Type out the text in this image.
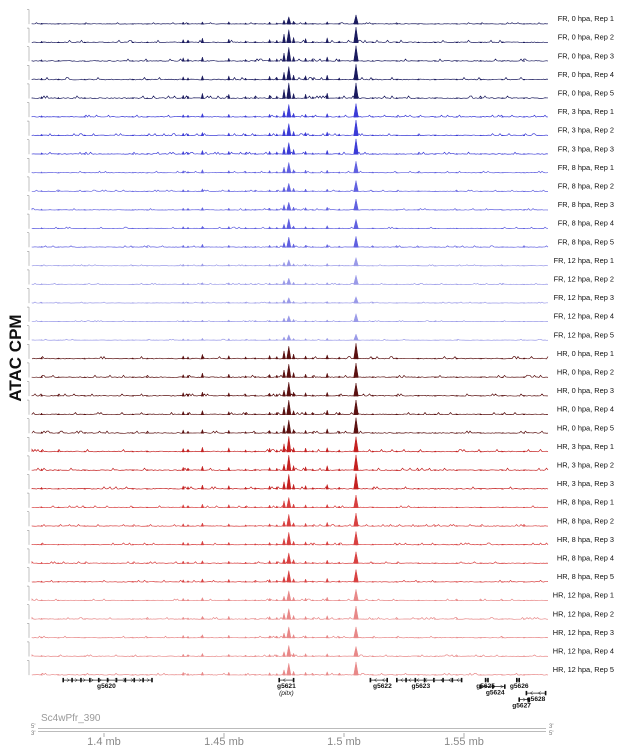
ATAC CPM
FR, 0 hpa, Rep 1
FR, 0 hpa, Rep 2
FR, 0 hpa, Rep 3
FR, 0 hpa, Rep 4
FR, 0 hpa, Rep 5
FR, 3 hpa, Rep 1
FR, 3 hpa, Rep 2
FR, 3 hpa, Rep 3
FR, 8 hpa, Rep 1
FR, 8 hpa, Rep 2
FR, 8 hpa, Rep 3
FR, 8 hpa, Rep 4
FR, 8 hpa, Rep 5
FR, 12 hpa, Rep 1
FR, 12 hpa, Rep 2
FR, 12 hpa, Rep 3
FR, 12 hpa, Rep 4
FR, 12 hpa, Rep 5
HR, 0 hpa, Rep 1
HR, 0 hpa, Rep 2
HR, 0 hpa, Rep 3
HR, 0 hpa, Rep 4
HR, 0 hpa, Rep 5
HR, 3 hpa, Rep 1
HR, 3 hpa, Rep 2
HR, 3 hpa, Rep 3
HR, 8 hpa, Rep 1
HR, 8 hpa, Rep 2
HR, 8 hpa, Rep 3
HR, 8 hpa, Rep 4
HR, 8 hpa, Rep 5
HR, 12 hpa, Rep 1
HR, 12 hpa, Rep 2
HR, 12 hpa, Rep 3
HR, 12 hpa, Rep 4
HR, 12 hpa, Rep 5
g5620	g5621
(pitx)
g5622	g5623
g5624
g5625 g5626
g5627
g5628
Sc4wPfr_390
5'
3'
3'
5'
1.4 mb	1.45 mb	1.5 mb	1.55 mb
